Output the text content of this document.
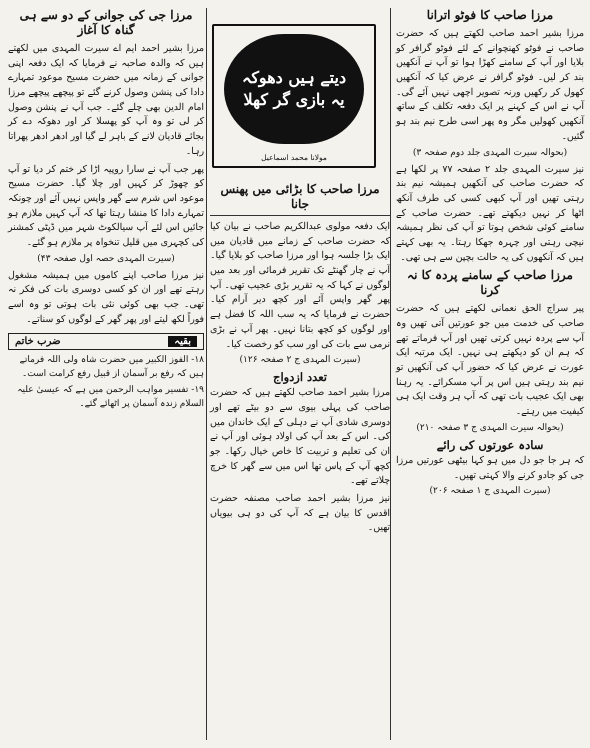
مرزا صاحب کا فوٹو اترانا

مرزا بشیر احمد صاحب لکھتے ہیں کہ حضرت صاحب نے فوٹو کھنچوانے کے لئے فوٹو گرافر کو بلایا اور آپ کے سامنے کھڑا ہوا تو آپ نے آنکھیں بند کر لیں۔ فوٹو گرافر نے عرض کیا کہ آنکھیں کھول کر رکھیں ورنہ تصویر اچھی نہیں آئے گی۔ آپ نے اس کے کہنے پر ایک دفعہ تکلف کے ساتھ آنکھیں کھولیں مگر وہ پھر اسی طرح نیم بند ہو گئیں۔

(بحوالہ سیرت المہدی جلد دوم صفحہ ۳)

نیز سیرت المہدی جلد ۲ صفحہ ۷۷ پر لکھا ہے کہ حضرت صاحب کی آنکھیں ہمیشہ نیم بند رہتی تھیں اور آپ کبھی کسی کی طرف آنکھ اٹھا کر نہیں دیکھتے تھے۔ حضرت صاحب کے سامنے کوئی شخص ہوتا تو آپ کی نظر ہمیشہ نیچی رہتی اور چہرہ جھکا رہتا۔ یہ بھی کہتے ہیں کہ آنکھوں کی یہ حالت بچپن سے ہی تھی۔

مرزا صاحب کے سامنے پردہ کا نہ کرنا

پیر سراج الحق نعمانی لکھتے ہیں کہ حضرت صاحب کی خدمت میں جو عورتیں آتی تھیں وہ آپ سے پردہ نہیں کرتی تھیں اور آپ فرماتے تھے کہ ہم ان کو دیکھتے ہی نہیں۔ ایک مرتبہ ایک عورت نے عرض کیا کہ حضور آپ کی آنکھیں تو نیم بند رہتی ہیں اس پر آپ مسکرائے۔ یہ رہنا بھی ایک عجیب بات تھی کہ آپ ہر وقت ایک ہی کیفیت میں رہتے۔

(بحوالہ سیرت المہدی ج ۳ صفحہ ۲۱۰)
سادہ عورتوں کی رائے

کہ ہر جا جو دل میں ہو کہا بیٹھی عورتیں مرزا جی کو جادو کرنے والا کہتی تھیں۔

(سیرت المہدی ج ۱ صفحہ ۲۰۶)
دیتے ہیں دھوکہ
یہ بازی گر کھلا
مولانا محمد اسماعیل
مرزا صاحب کا بڑائی میں پھنس جانا

ایک دفعہ مولوی عبدالکریم صاحب نے بیان کیا کہ حضرت صاحب کے زمانے میں قادیان میں ایک بڑا جلسہ ہوا اور مرزا صاحب کو بلایا گیا۔ آپ نے چار گھنٹے تک تقریر فرمائی اور بعد میں لوگوں نے کہا کہ یہ تقریر بڑی عجیب تھی۔ آپ پھر گھر واپس آئے اور کچھ دیر آرام کیا۔ حضرت نے فرمایا کہ یہ سب اللہ کا فضل ہے اور لوگوں کو کچھ بتانا نہیں۔ پھر آپ نے بڑی نرمی سے بات کی اور سب کو رخصت کیا۔

(سیرت المہدی ج ۲ صفحہ ۱۲۶)
تعدد ازدواج

مرزا بشیر احمد صاحب لکھتے ہیں کہ حضرت صاحب کی پہلی بیوی سے دو بیٹے تھے اور دوسری شادی آپ نے دہلی کے ایک خاندان میں کی۔ اس کے بعد آپ کی اولاد ہوئی اور آپ نے ان کی تعلیم و تربیت کا خاص خیال رکھا۔ جو کچھ آپ کے پاس تھا اس میں سے گھر کا خرچ چلاتے تھے۔

نیز مرزا بشیر احمد صاحب مصنفہ حضرت اقدس کا بیان ہے کہ آپ کی دو ہی بیویاں تھیں۔

مرزا جی کی جوانی کے دو سے ہی گناہ کا آغاز

مرزا بشیر احمد ایم اے سیرت المہدی میں لکھتے ہیں کہ والدہ صاحبہ نے فرمایا کہ ایک دفعہ اپنی جوانی کے زمانہ میں حضرت مسیح موعود تمہارے دادا کی پنشن وصول کرنے گئے تو پیچھے پیچھے مرزا امام الدین بھی چلے گئے۔ جب آپ نے پنشن وصول کر لی تو وہ آپ کو پھسلا کر اور دھوکہ دے کر بجائے قادیان لانے کے باہر لے گیا اور ادھر ادھر پھراتا رہا۔

پھر جب آپ نے سارا روپیہ اڑا کر ختم کر دیا تو آپ کو چھوڑ کر کہیں اور چلا گیا۔ حضرت مسیح موعود اس شرم سے گھر واپس نہیں آئے اور چونکہ تمہارے دادا کا منشا رہتا تھا کہ آپ کہیں ملازم ہو جائیں اس لئے آپ سیالکوٹ شہر میں ڈپٹی کمشنر کی کچہری میں قلیل تنخواہ پر ملازم ہو گئے۔

(سیرت المہدی حصہ اول صفحہ ۴۳)

نیز مرزا صاحب اپنے کاموں میں ہمیشہ مشغول رہتے تھے اور ان کو کسی دوسری بات کی فکر نہ تھی۔ جب بھی کوئی نئی بات ہوتی تو وہ اسے فوراً لکھ لیتے اور پھر گھر کے لوگوں کو سناتے۔

بقیہ
ضرب خاتم

۱۸- الفوز الکبیر میں حضرت شاہ ولی اللہ فرماتے ہیں کہ رفع بر آسمان از قبیل رفع کرامت است۔

۱۹- تفسیر مواہب الرحمن میں ہے کہ عیسیٰ علیہ السلام زندہ آسمان پر اٹھائے گئے۔
